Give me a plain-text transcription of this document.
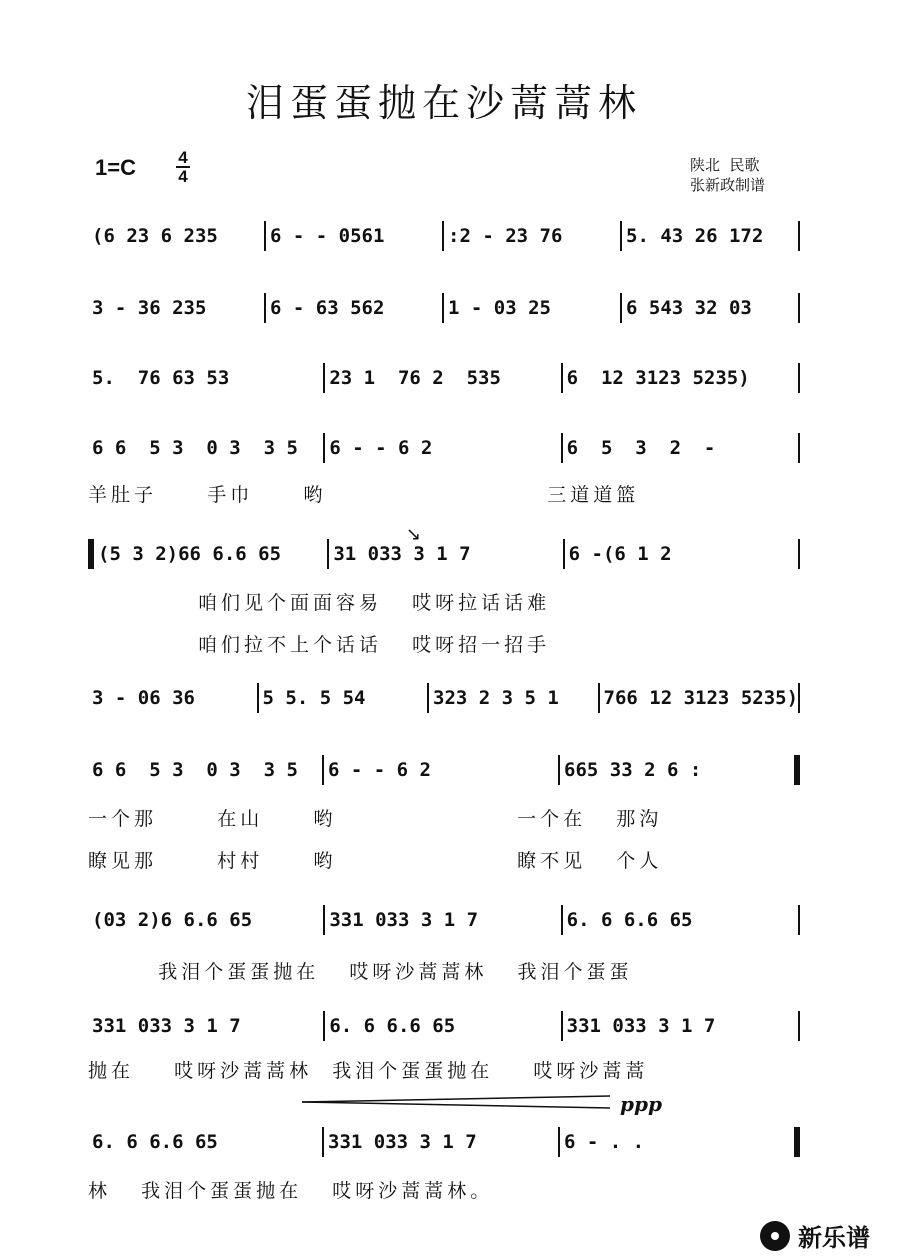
泪蛋蛋抛在沙蒿蒿林
1=C 4
4
陕北  民歌
张新政制谱
(6 23 6 235	6 - - 0561	:2 - 23 76	5. 43 26 172
3 - 36 235	6 - 63 562	1 - 03 25	6 543 32 03
5.  76 63 53	23 1  76 2  535	6  12 3123 5235)
6 6  5 3  0 3  3 5	6 - - 6 2	6  5  3  2  -
(5 3 2)66 6.6 65	31 033 3 1 7	6 -(6 1 2
3 - 06 36	5 5. 5 54	323 2 3 5 1	766 12 3123 5235)
6 6  5 3  0 3  3 5	6 - - 6 2	665 33 2 6 :
(03 2)6 6.6 65	331 033 3 1 7	6. 6 6.6 65
331 033 3 1 7	6. 6 6.6 65	331 033 3 1 7
6. 6 6.6 65	331 033 3 1 7	6 - . .
羊肚子     手巾     哟                      三道道篮
咱们见个面面容易   哎呀拉话话难
咱们拉不上个话话   哎呀招一招手
一个那      在山     哟                  一个在   那沟
瞭见那      村村     哟                  瞭不见   个人
我泪个蛋蛋抛在   哎呀沙蒿蒿林   我泪个蛋蛋
抛在    哎呀沙蒿蒿林  我泪个蛋蛋抛在    哎呀沙蒿蒿
林   我泪个蛋蛋抛在   哎呀沙蒿蒿林。
↘
ppp
新乐谱
